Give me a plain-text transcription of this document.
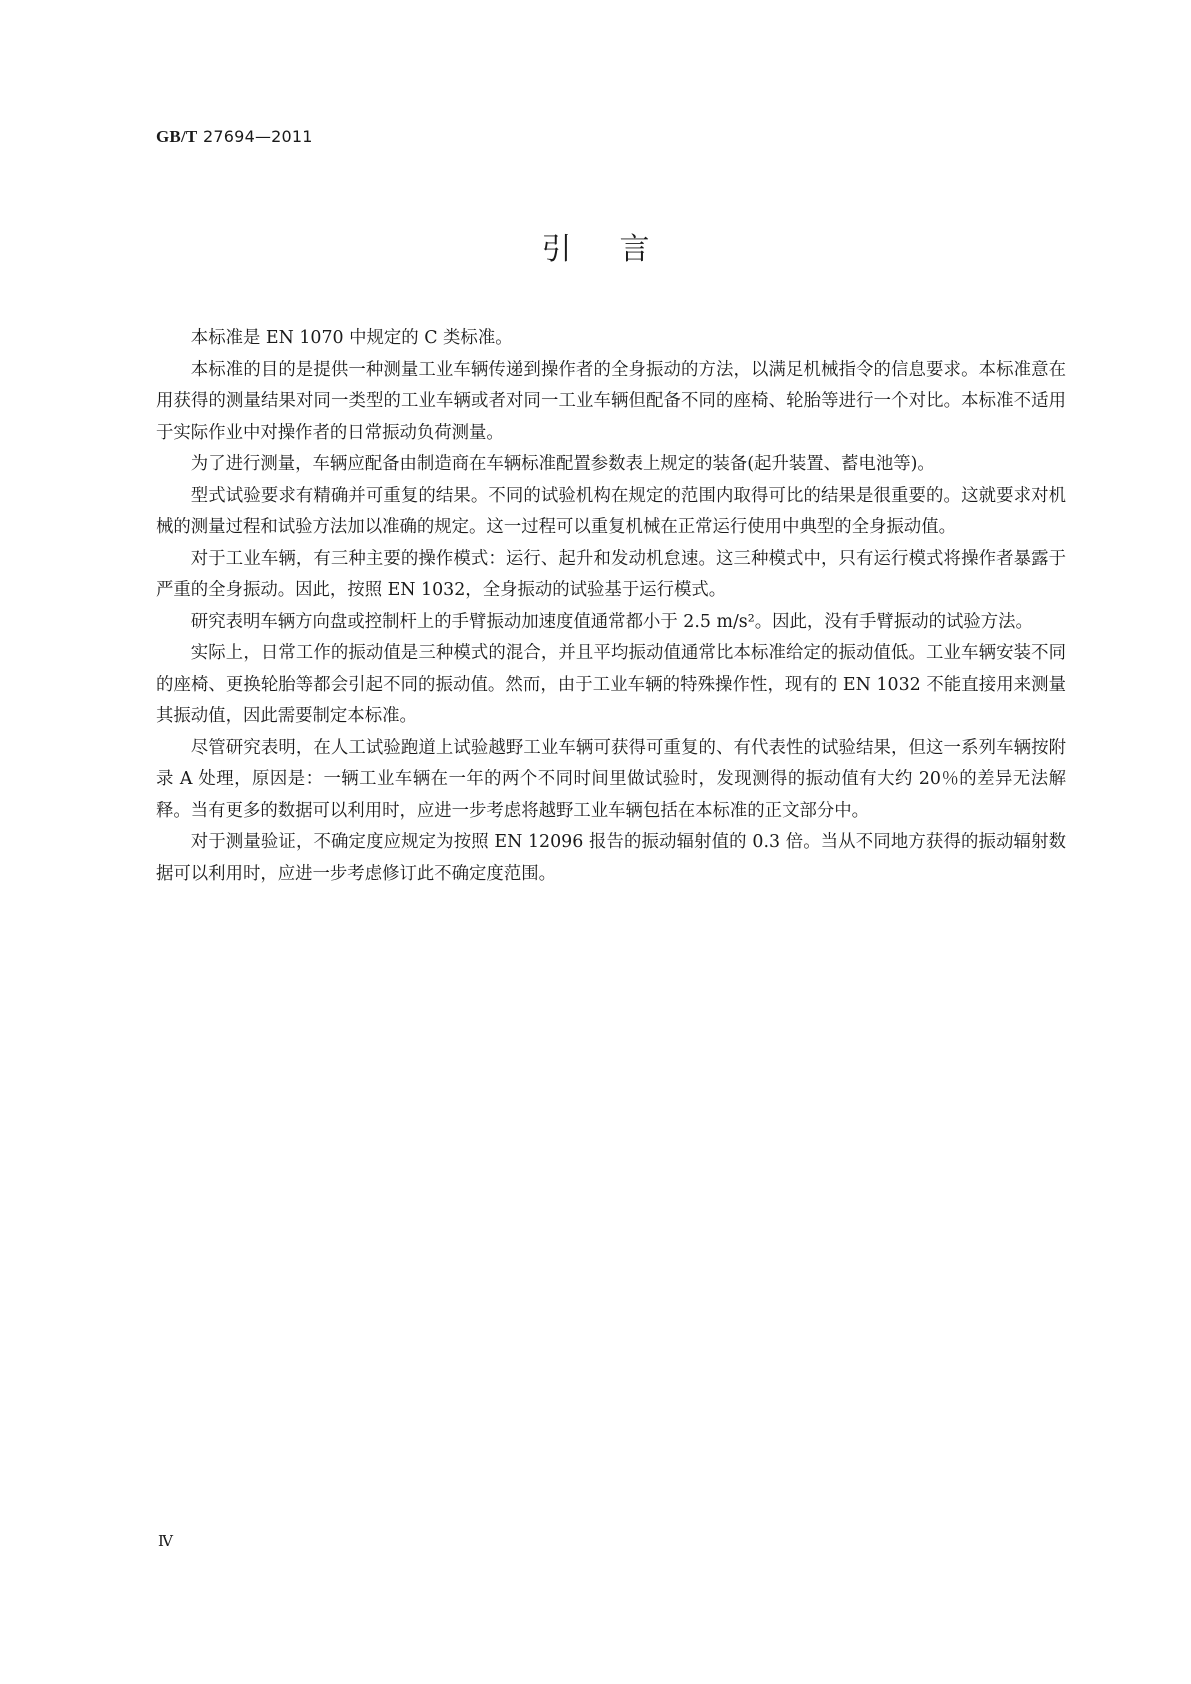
GB/T 27694—2011
引言

本标准是 EN 1070 中规定的 C 类标准。

本标准的目的是提供一种测量工业车辆传递到操作者的全身振动的方法，以满足机械指令的信息要求。本标准意在用获得的测量结果对同一类型的工业车辆或者对同一工业车辆但配备不同的座椅、轮胎等进行一个对比。本标准不适用于实际作业中对操作者的日常振动负荷测量。

为了进行测量，车辆应配备由制造商在车辆标准配置参数表上规定的装备(起升装置、蓄电池等)。

型式试验要求有精确并可重复的结果。不同的试验机构在规定的范围内取得可比的结果是很重要的。这就要求对机械的测量过程和试验方法加以准确的规定。这一过程可以重复机械在正常运行使用中典型的全身振动值。

对于工业车辆，有三种主要的操作模式：运行、起升和发动机怠速。这三种模式中，只有运行模式将操作者暴露于严重的全身振动。因此，按照 EN 1032，全身振动的试验基于运行模式。

研究表明车辆方向盘或控制杆上的手臂振动加速度值通常都小于 2.5 m/s²。因此，没有手臂振动的试验方法。

实际上，日常工作的振动值是三种模式的混合，并且平均振动值通常比本标准给定的振动值低。工业车辆安装不同的座椅、更换轮胎等都会引起不同的振动值。然而，由于工业车辆的特殊操作性，现有的 EN 1032 不能直接用来测量其振动值，因此需要制定本标准。

尽管研究表明，在人工试验跑道上试验越野工业车辆可获得可重复的、有代表性的试验结果，但这一系列车辆按附录 A 处理，原因是：一辆工业车辆在一年的两个不同时间里做试验时，发现测得的振动值有大约 20％的差异无法解释。当有更多的数据可以利用时，应进一步考虑将越野工业车辆包括在本标准的正文部分中。

对于测量验证，不确定度应规定为按照 EN 12096 报告的振动辐射值的 0.3 倍。当从不同地方获得的振动辐射数据可以利用时，应进一步考虑修订此不确定度范围。

Ⅳ
